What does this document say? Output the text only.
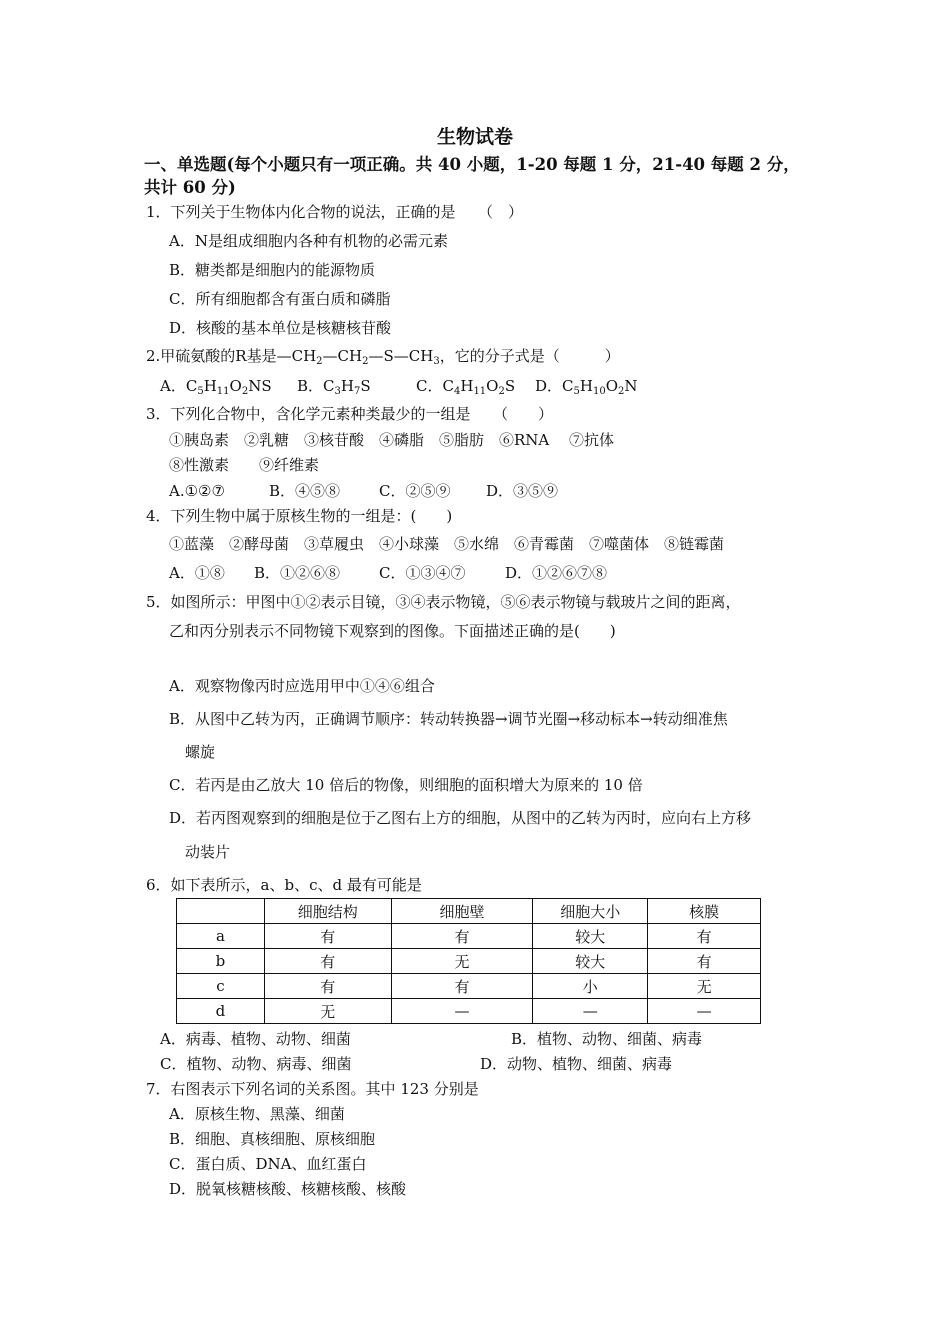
生物试卷
一、单选题(每个小题只有一项正确。共 40 小题，1-20 每题 1 分，21-40 每题 2 分，
共计 60 分)
1．下列关于生物体内化合物的说法，正确的是　　（　）
A．N是组成细胞内各种有机物的必需元素
B．糖类都是细胞内的能源物质
C．所有细胞都含有蛋白质和磷脂
D．核酸的基本单位是核糖核苷酸
2.甲硫氨酸的R基是$—CH_2—CH_2—S—CH_3$，它的分子式是（　　　）
A．$C_5H_{11}O_2NS$ B．$C_3H_7S$	C．$C_4H_{11}O_2S$ D．$C_5H_{10}O_2N$
3．下列化合物中，含化学元素种类最少的一组是　　（　　）
①胰岛素　②乳糖　③核苷酸　④磷脂　⑤脂肪　⑥RNA　 ⑦抗体
⑧性激素　　⑨纤维素
A.①②⑦	B．④⑤⑧	C．②⑤⑨ D．③⑤⑨
4．下列生物中属于原核生物的一组是：(　　)
①蓝藻　②酵母菌　③草履虫　④小球藻　⑤水绵　⑥青霉菌　⑦噬菌体　⑧链霉菌
A．①⑧ B．①②⑥⑧	C．①③④⑦	D．①②⑥⑦⑧
5．如图所示：甲图中①②表示目镜，③④表示物镜，⑤⑥表示物镜与载玻片之间的距离，
乙和丙分别表示不同物镜下观察到的图像。下面描述正确的是(　　)
A．观察物像丙时应选用甲中①④⑥组合
B．从图中乙转为丙，正确调节顺序：转动转换器→调节光圈→移动标本→转动细准焦
螺旋
C．若丙是由乙放大 10 倍后的物像，则细胞的面积增大为原来的 10 倍
D．若丙图观察到的细胞是位于乙图右上方的细胞，从图中的乙转为丙时，应向右上方移
动装片
6．如下表所示，a、b、c、d 最有可能是
	细胞结构	细胞壁	细胞大小	核膜
a	有	有	较大	有
b	有	无	较大	有
c	有	有	小	无
d	无	—	—	—
A．病毒、植物、动物、细菌	B．植物、动物、细菌、病毒
C．植物、动物、病毒、细菌	D．动物、植物、细菌、病毒
7．右图表示下列名词的关系图。其中 123 分别是
A．原核生物、黑藻、细菌
B．细胞、真核细胞、原核细胞
C．蛋白质、DNA、血红蛋白
D．脱氧核糖核酸、核糖核酸、核酸
